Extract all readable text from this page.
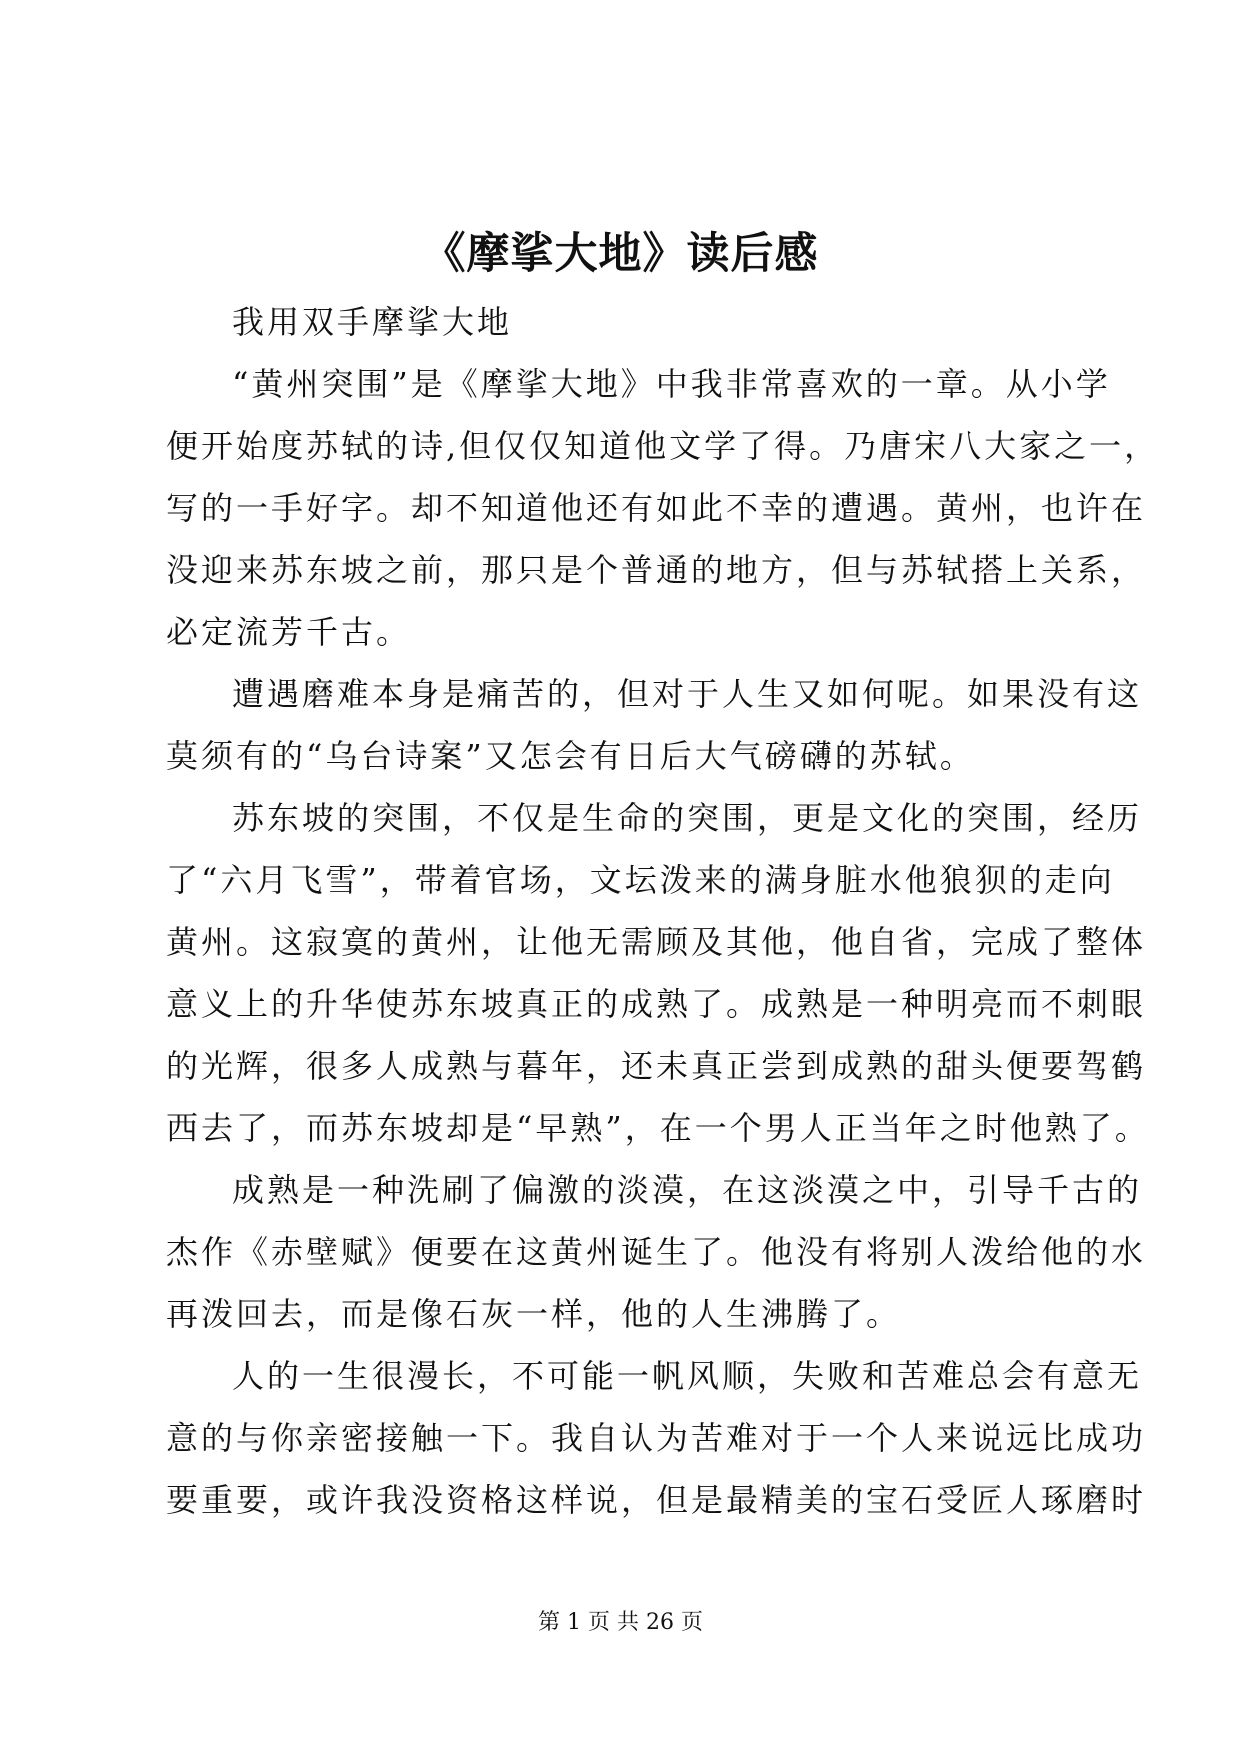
《摩挲大地》读后感
我用双手摩挲大地
“黄州突围”是《摩挲大地》中我非常喜欢的一章。从小学
便开始度苏轼的诗,但仅仅知道他文学了得。乃唐宋八大家之一，
写的一手好字。却不知道他还有如此不幸的遭遇。黄州，也许在
没迎来苏东坡之前，那只是个普通的地方，但与苏轼搭上关系，
必定流芳千古。
遭遇磨难本身是痛苦的，但对于人生又如何呢。如果没有这
莫须有的“乌台诗案”又怎会有日后大气磅礴的苏轼。
苏东坡的突围，不仅是生命的突围，更是文化的突围，经历
了“六月飞雪”，带着官场，文坛泼来的满身脏水他狼狈的走向
黄州。这寂寞的黄州，让他无需顾及其他，他自省，完成了整体
意义上的升华使苏东坡真正的成熟了。成熟是一种明亮而不刺眼
的光辉，很多人成熟与暮年，还未真正尝到成熟的甜头便要驾鹤
西去了，而苏东坡却是“早熟”，在一个男人正当年之时他熟了。
成熟是一种洗刷了偏激的淡漠，在这淡漠之中，引导千古的
杰作《赤壁赋》便要在这黄州诞生了。他没有将别人泼给他的水
再泼回去，而是像石灰一样，他的人生沸腾了。
人的一生很漫长，不可能一帆风顺，失败和苦难总会有意无
意的与你亲密接触一下。我自认为苦难对于一个人来说远比成功
要重要，或许我没资格这样说，但是最精美的宝石受匠人琢磨时
第 1 页 共 26 页
